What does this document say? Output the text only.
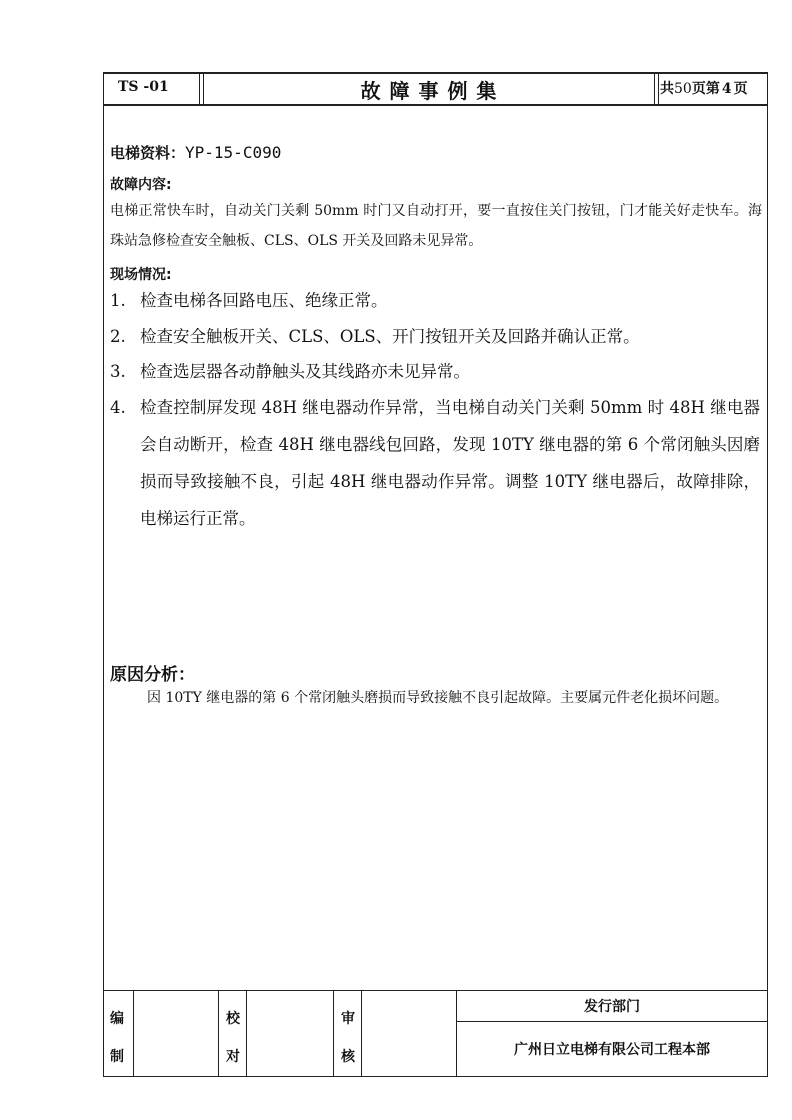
TS -01	故 障 事 例 集	共50页第 4 页
电梯资料：YP-15-C090
故障内容:
电梯正常快车时，自动关门关剩 50mm 时门又自动打开，要一直按住关门按钮，门才能关好走快车。海珠站急修检查安全触板、CLS、OLS 开关及回路未见异常。
现场情况:
1. 检查电梯各回路电压、绝缘正常。
2. 检查安全触板开关、CLS、OLS、开门按钮开关及回路并确认正常。
3. 检查选层器各动静触头及其线路亦未见异常。
4. 检查控制屏发现 48H 继电器动作异常，当电梯自动关门关剩 50mm 时 48H 继电器会自动断开，检查 48H 继电器线包回路，发现 10TY 继电器的第 6 个常闭触头因磨损而导致接触不良，引起 48H 继电器动作异常。调整 10TY 继电器后，故障排除，电梯运行正常。
原因分析：
因 10TY 继电器的第 6 个常闭触头磨损而导致接触不良引起故障。主要属元件老化损坏问题。
编
制
校
对
审
核
发行部门
广州日立电梯有限公司工程本部
